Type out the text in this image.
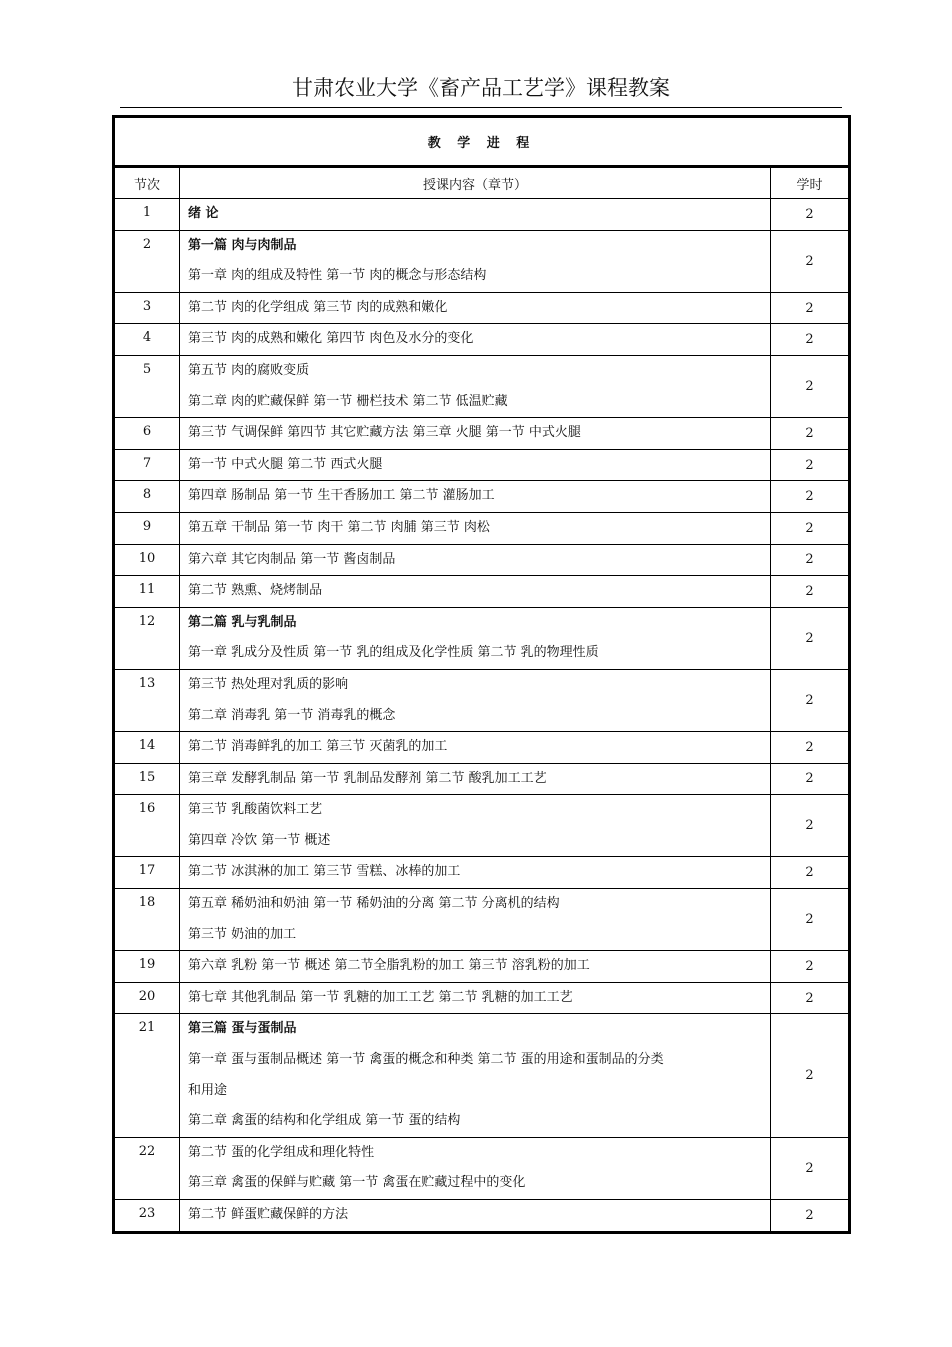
甘肃农业大学《畜产品工艺学》课程教案
教 学 进 程		
节次	授课内容（章节）	学时
1	绪 论	2
2	第一篇 肉与肉制品
第一章 肉的组成及特性 第一节 肉的概念与形态结构	2
3	第二节 肉的化学组成 第三节 肉的成熟和嫩化	2
4	第三节 肉的成熟和嫩化 第四节 肉色及水分的变化	2
5	第五节 肉的腐败变质
第二章 肉的贮藏保鲜 第一节 栅栏技术 第二节 低温贮藏	2
6	第三节 气调保鲜 第四节 其它贮藏方法 第三章 火腿 第一节 中式火腿	2
7	第一节 中式火腿 第二节 西式火腿	2
8	第四章 肠制品 第一节 生干香肠加工 第二节 灌肠加工	2
9	第五章 干制品 第一节 肉干 第二节 肉脯 第三节 肉松	2
10	第六章 其它肉制品 第一节 酱卤制品	2
11	第二节 熟熏、烧烤制品	2
12	第二篇 乳与乳制品
第一章 乳成分及性质 第一节 乳的组成及化学性质 第二节 乳的物理性质	2
13	第三节 热处理对乳质的影响
第二章 消毒乳 第一节 消毒乳的概念	2
14	第二节 消毒鲜乳的加工 第三节 灭菌乳的加工	2
15	第三章 发酵乳制品 第一节 乳制品发酵剂 第二节 酸乳加工工艺	2
16	第三节 乳酸菌饮料工艺
第四章 冷饮 第一节 概述	2
17	第二节 冰淇淋的加工 第三节 雪糕、冰棒的加工	2
18	第五章 稀奶油和奶油 第一节 稀奶油的分离 第二节 分离机的结构
第三节 奶油的加工	2
19	第六章 乳粉 第一节 概述 第二节全脂乳粉的加工 第三节 溶乳粉的加工	2
20	第七章 其他乳制品 第一节 乳糖的加工工艺 第二节 乳糖的加工工艺	2
21	第三篇 蛋与蛋制品
第一章 蛋与蛋制品概述 第一节 禽蛋的概念和种类 第二节 蛋的用途和蛋制品的分类
和用途
第二章 禽蛋的结构和化学组成 第一节 蛋的结构	2
22	第二节 蛋的化学组成和理化特性
第三章 禽蛋的保鲜与贮藏 第一节 禽蛋在贮藏过程中的变化	2
23	第二节 鲜蛋贮藏保鲜的方法	2
